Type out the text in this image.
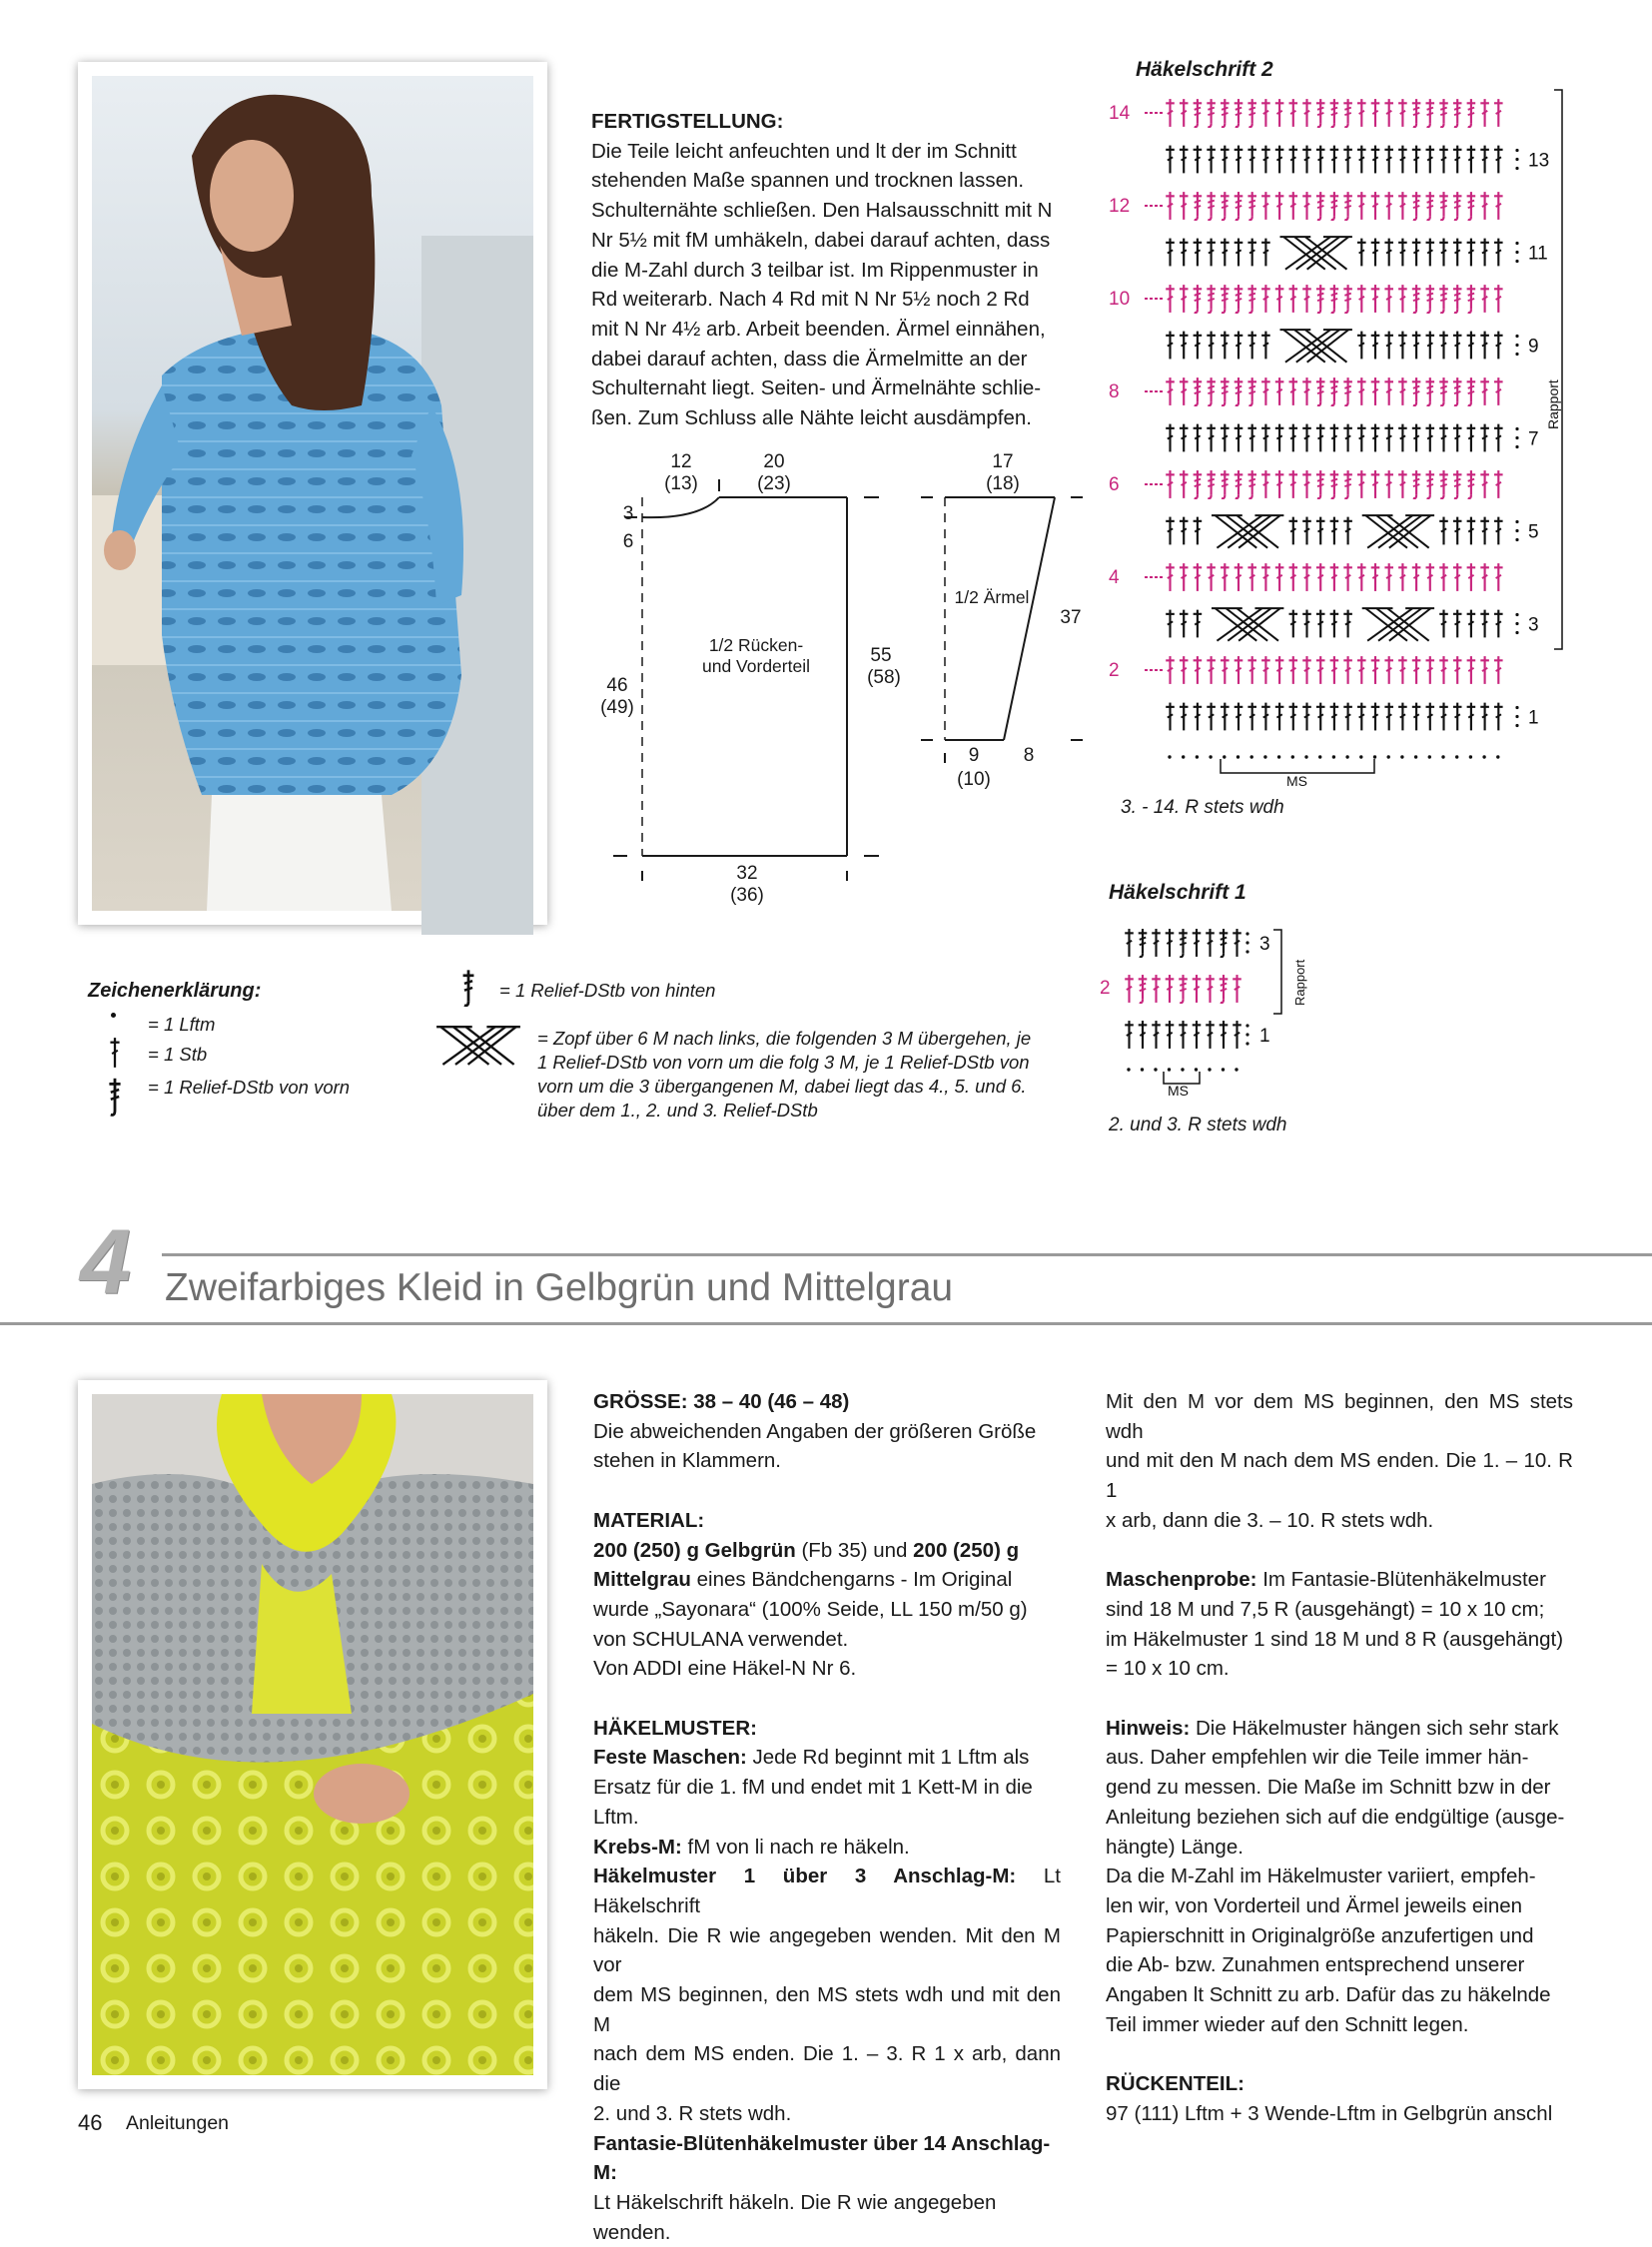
FERTIGSTELLUNG:

Die Teile leicht anfeuchten und lt der im Schnitt

stehenden Maße spannen und trocknen lassen.

Schulternähte schließen. Den Halsausschnitt mit N

Nr 5½ mit fM umhäkeln, dabei darauf achten, dass

die M-Zahl durch 3 teilbar ist. Im Rippenmuster in

Rd weiterarb. Nach 4 Rd mit N Nr 5½ noch 2 Rd

mit N Nr 4½ arb. Arbeit beenden. Ärmel einnähen,

dabei darauf achten, dass die Ärmelmitte an der

Schulternaht liegt. Seiten- und Ärmelnähte schlie-

ßen. Zum Schluss alle Nähte leicht ausdämpfen.

12
(13)
20
(23)
3
6
46
(49)
1/2 Rücken-
und Vorderteil	55
(58)
32
(36)
17
(18)
1/2 Ärmel
37
9
(10)
8
Häkelschrift 2
14
13
12
11
10
9
8
7
6
5
4
3
2
1
MS
Rapport
3. - 14. R stets wdh
Häkelschrift 1
3
2
1
MS
Rapport
2. und 3. R stets wdh
Zeichenerklärung:
= 1 Lftm
= 1 Stb
= 1 Relief-DStb von vorn
= 1 Relief-DStb von hinten
= Zopf über 6 M nach links, die folgenden 3 M übergehen, je
1 Relief-DStb von vorn um die folg 3 M, je 1 Relief-DStb von
vorn um die 3 übergangenen M, dabei liegt das 4., 5. und 6.
über dem 1., 2. und 3. Relief-DStb
4 Zweifarbiges Kleid in Gelbgrün und Mittelgrau

GRÖSSE: 38 – 40 (46 – 48)

Die abweichenden Angaben der größeren Größe

stehen in Klammern.

MATERIAL:

200 (250) g Gelbgrün (Fb 35) und 200 (250) g

Mittelgrau eines Bändchengarns - Im Original

wurde „Sayonara“ (100% Seide, LL 150 m/50 g)

von SCHULANA verwendet.

Von ADDI eine Häkel-N Nr 6.

HÄKELMUSTER:

Feste Maschen: Jede Rd beginnt mit 1 Lftm als

Ersatz für die 1. fM und endet mit 1 Kett-M in die

Lftm.

Krebs-M: fM von li nach re häkeln.

Häkelmuster 1 über 3 Anschlag-M: Lt Häkelschrift

häkeln. Die R wie angegeben wenden. Mit den M vor

dem MS beginnen, den MS stets wdh und mit den M

nach dem MS enden. Die 1. – 3. R 1 x arb, dann die

2. und 3. R stets wdh.

Fantasie-Blütenhäkelmuster über 14 Anschlag-M:

Lt Häkelschrift häkeln. Die R wie angegeben wenden.

Mit den M vor dem MS beginnen, den MS stets wdh

und mit den M nach dem MS enden. Die 1. – 10. R 1

x arb, dann die 3. – 10. R stets wdh.

Maschenprobe: Im Fantasie-Blütenhäkelmuster

sind 18 M und 7,5 R (ausgehängt) = 10 x 10 cm;

im Häkelmuster 1 sind 18 M und 8 R (ausgehängt)

= 10 x 10 cm.

Hinweis: Die Häkelmuster hängen sich sehr stark

aus. Daher empfehlen wir die Teile immer hän-

gend zu messen. Die Maße im Schnitt bzw in der

Anleitung beziehen sich auf die endgültige (ausge-

hängte) Länge.

Da die M-Zahl im Häkelmuster variiert, empfeh-

len wir, von Vorderteil und Ärmel jeweils einen

Papierschnitt in Originalgröße anzufertigen und

die Ab- bzw. Zunahmen entsprechend unserer

Angaben lt Schnitt zu arb. Dafür das zu häkelnde

Teil immer wieder auf den Schnitt legen.

RÜCKENTEIL:

97 (111) Lftm + 3 Wende-Lftm in Gelbgrün anschl

46 Anleitungen
